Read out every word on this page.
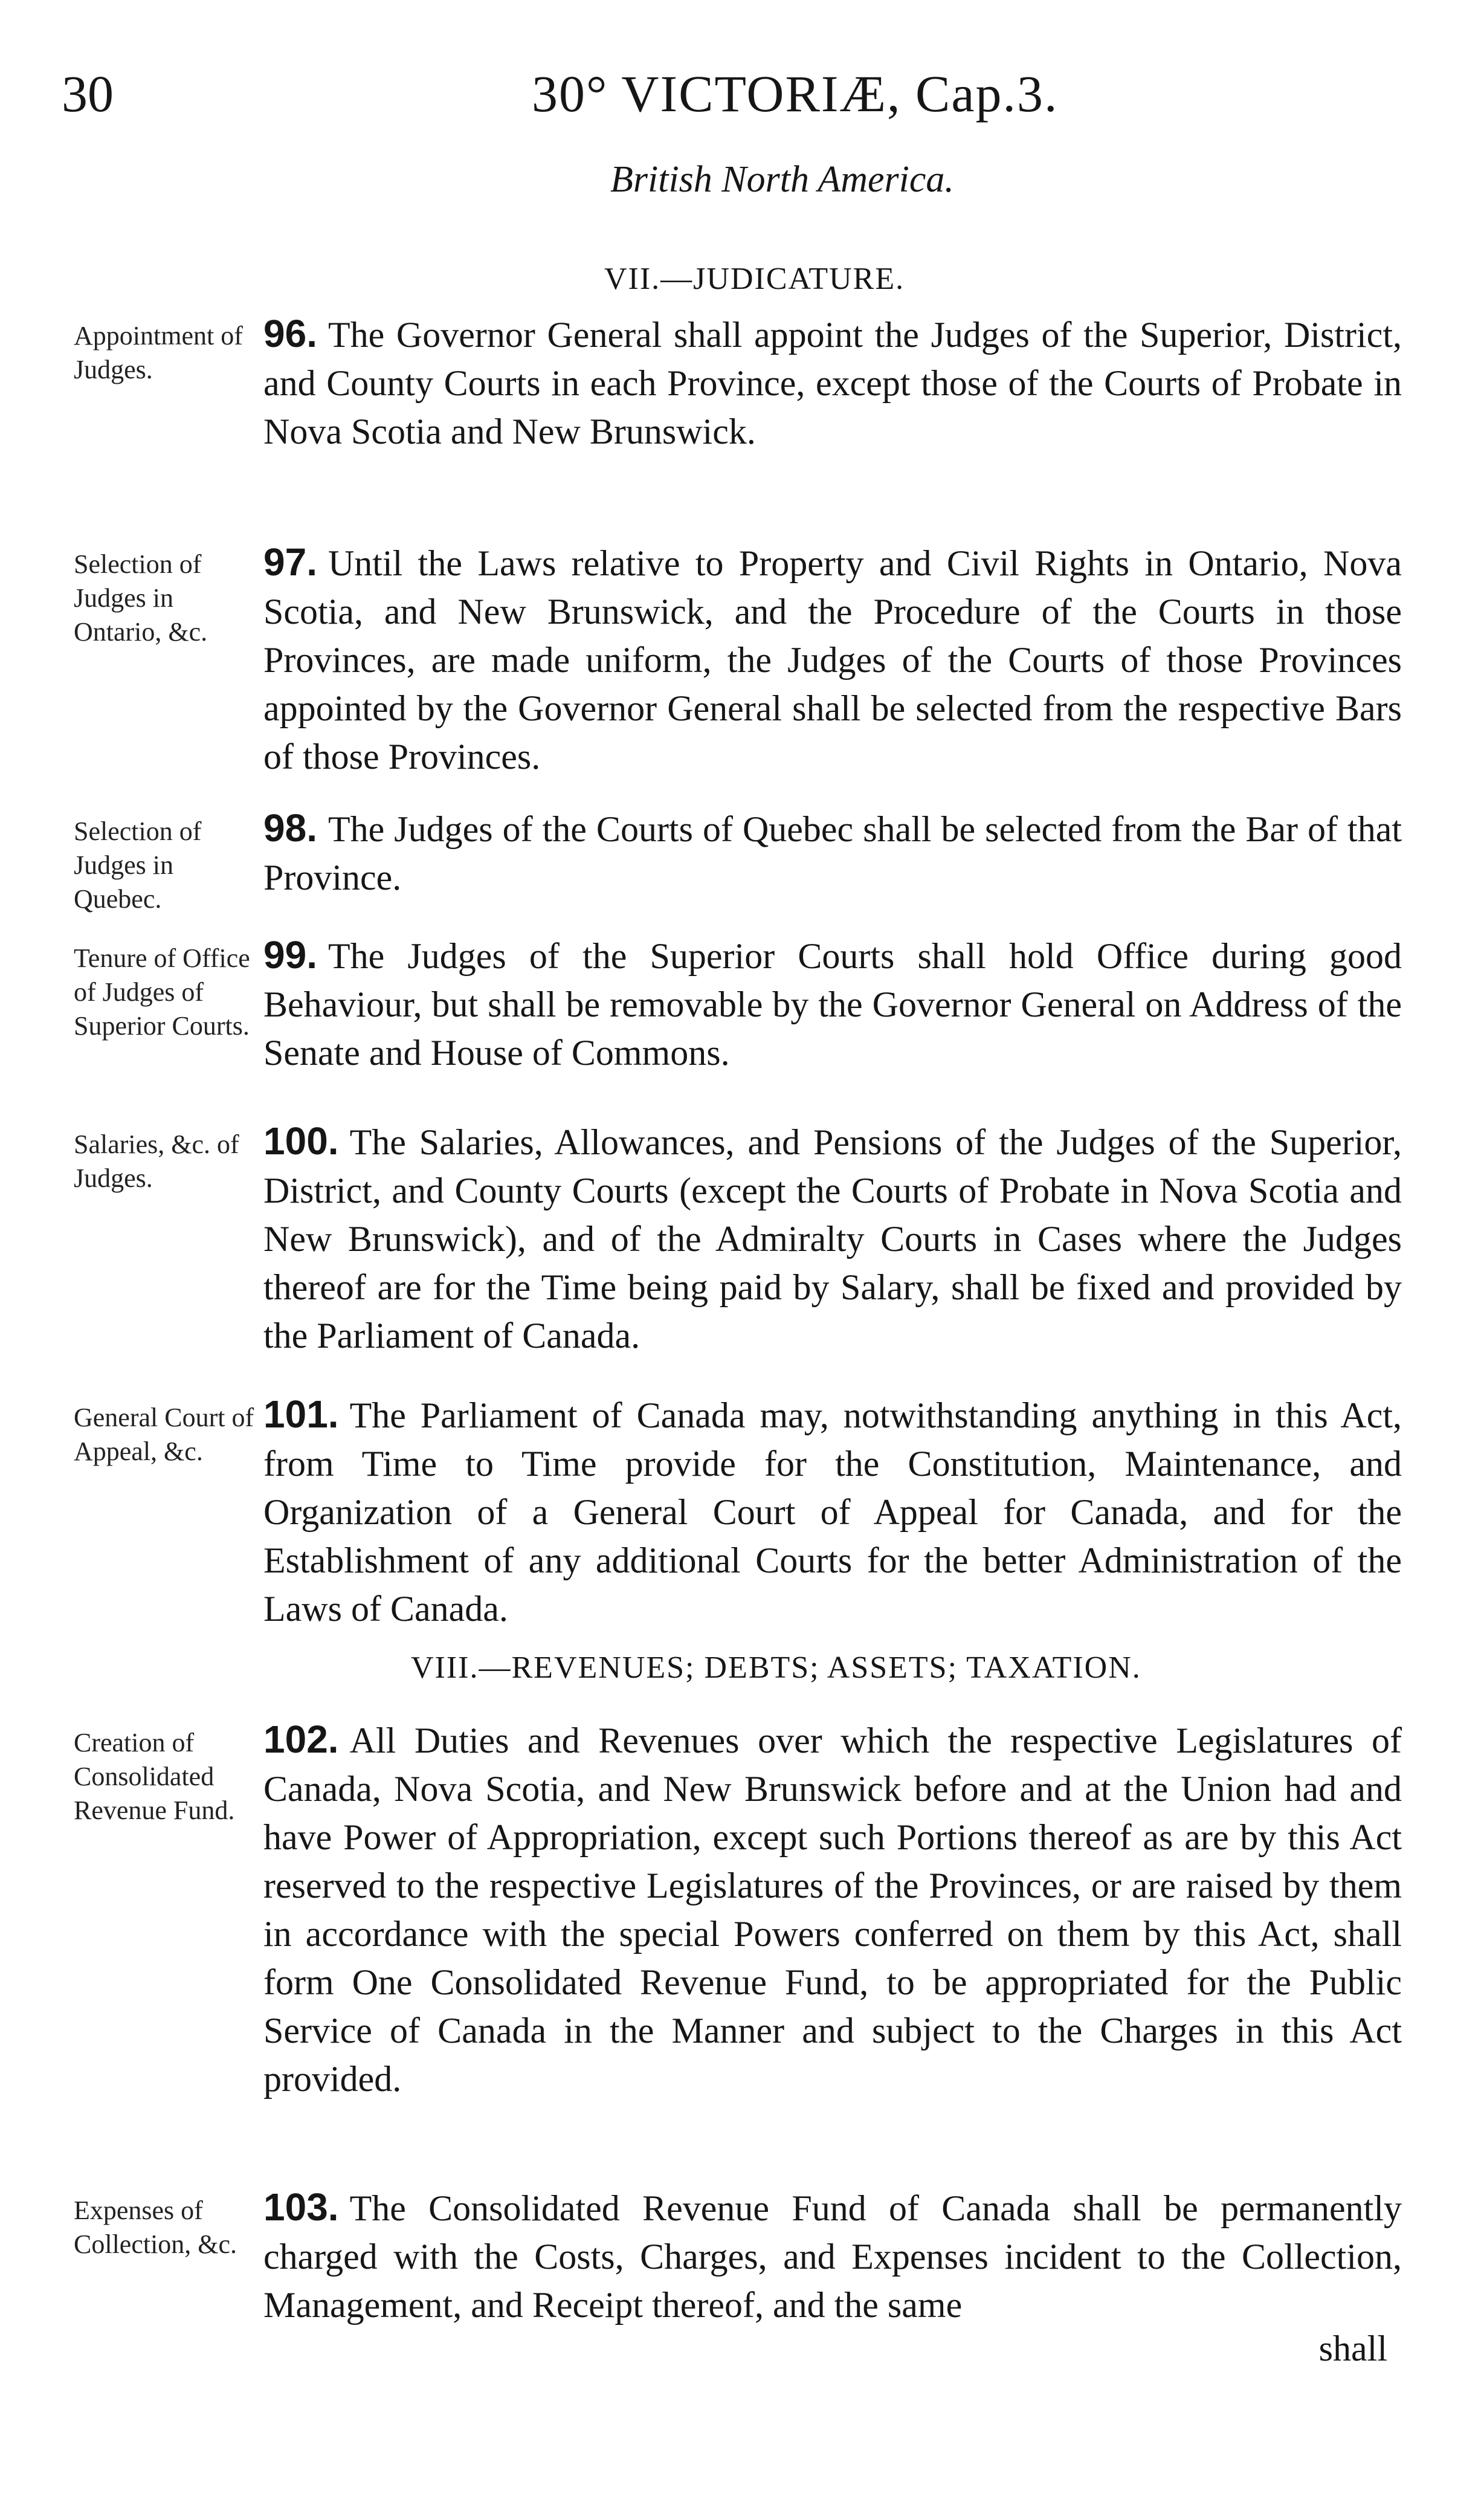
30	30° VICTORIÆ, Cap.3.
British North America.
VII.—JUDICATURE.
Appointment of Judges.
96. The Governor General shall appoint the Judges of the Superior, District, and County Courts in each Province, except those of the Courts of Probate in Nova Scotia and New Brunswick.
Selection of Judges in Ontario, &c.
97. Until the Laws relative to Property and Civil Rights in Ontario, Nova Scotia, and New Brunswick, and the Procedure of the Courts in those Provinces, are made uniform, the Judges of the Courts of those Provinces appointed by the Governor General shall be selected from the respective Bars of those Provinces.
Selection of Judges in Quebec.
98. The Judges of the Courts of Quebec shall be selected from the Bar of that Province.
Tenure of Office of Judges of Superior Courts.
99. The Judges of the Superior Courts shall hold Office during good Behaviour, but shall be removable by the Governor General on Address of the Senate and House of Commons.
Salaries, &c. of Judges.
100. The Salaries, Allowances, and Pensions of the Judges of the Superior, District, and County Courts (except the Courts of Probate in Nova Scotia and New Brunswick), and of the Admiralty Courts in Cases where the Judges thereof are for the Time being paid by Salary, shall be fixed and provided by the Parliament of Canada.
General Court of Appeal, &c.
101. The Parliament of Canada may, notwithstanding anything in this Act, from Time to Time provide for the Constitution, Maintenance, and Organization of a General Court of Appeal for Canada, and for the Establishment of any additional Courts for the better Administration of the Laws of Canada.
VIII.—REVENUES; DEBTS; ASSETS; TAXATION.
Creation of Consolidated Revenue Fund.
102. All Duties and Revenues over which the respective Legislatures of Canada, Nova Scotia, and New Brunswick before and at the Union had and have Power of Appropriation, except such Portions thereof as are by this Act reserved to the respective Legislatures of the Provinces, or are raised by them in accordance with the special Powers conferred on them by this Act, shall form One Consolidated Revenue Fund, to be appropriated for the Public Service of Canada in the Manner and subject to the Charges in this Act provided.
Expenses of Collection, &c.
103. The Consolidated Revenue Fund of Canada shall be permanently charged with the Costs, Charges, and Expenses incident to the Collection, Management, and Receipt thereof, and the same
shall
